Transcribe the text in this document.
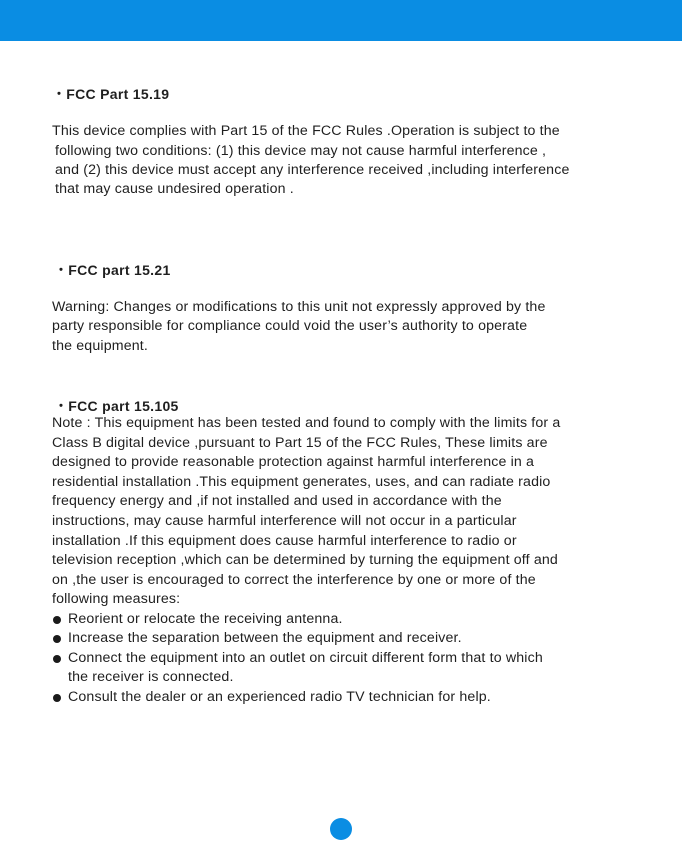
・FCC Part 15.19
This device complies with Part 15 of the FCC Rules .Operation is subject to the
following two conditions: (1) this device may not cause harmful interference ,
and (2) this device must accept any interference received ,including interference
that may cause undesired operation .
・FCC part 15.21
Warning: Changes or modifications to this unit not expressly approved by the
party responsible for compliance could void the user’s authority to operate
the equipment.
・FCC part 15.105
Note : This equipment has been tested and found to comply with the limits for a
Class B digital device ,pursuant to Part 15 of the FCC Rules, These limits are
designed to provide reasonable protection against harmful interference in a
residential installation .This equipment generates, uses, and can radiate radio
frequency energy and ,if not installed and used in accordance with the
instructions, may cause harmful interference will not occur in a particular
installation .If this equipment does cause harmful interference to radio or
television reception ,which can be determined by turning the equipment off and
on ,the user is encouraged to correct the interference by one or more of the
following measures:
Reorient or relocate the receiving antenna.
Increase the separation between the equipment and receiver.
Connect the equipment into an outlet on circuit different form that to which
the receiver is connected.
Consult the dealer or an experienced radio TV technician for help.
